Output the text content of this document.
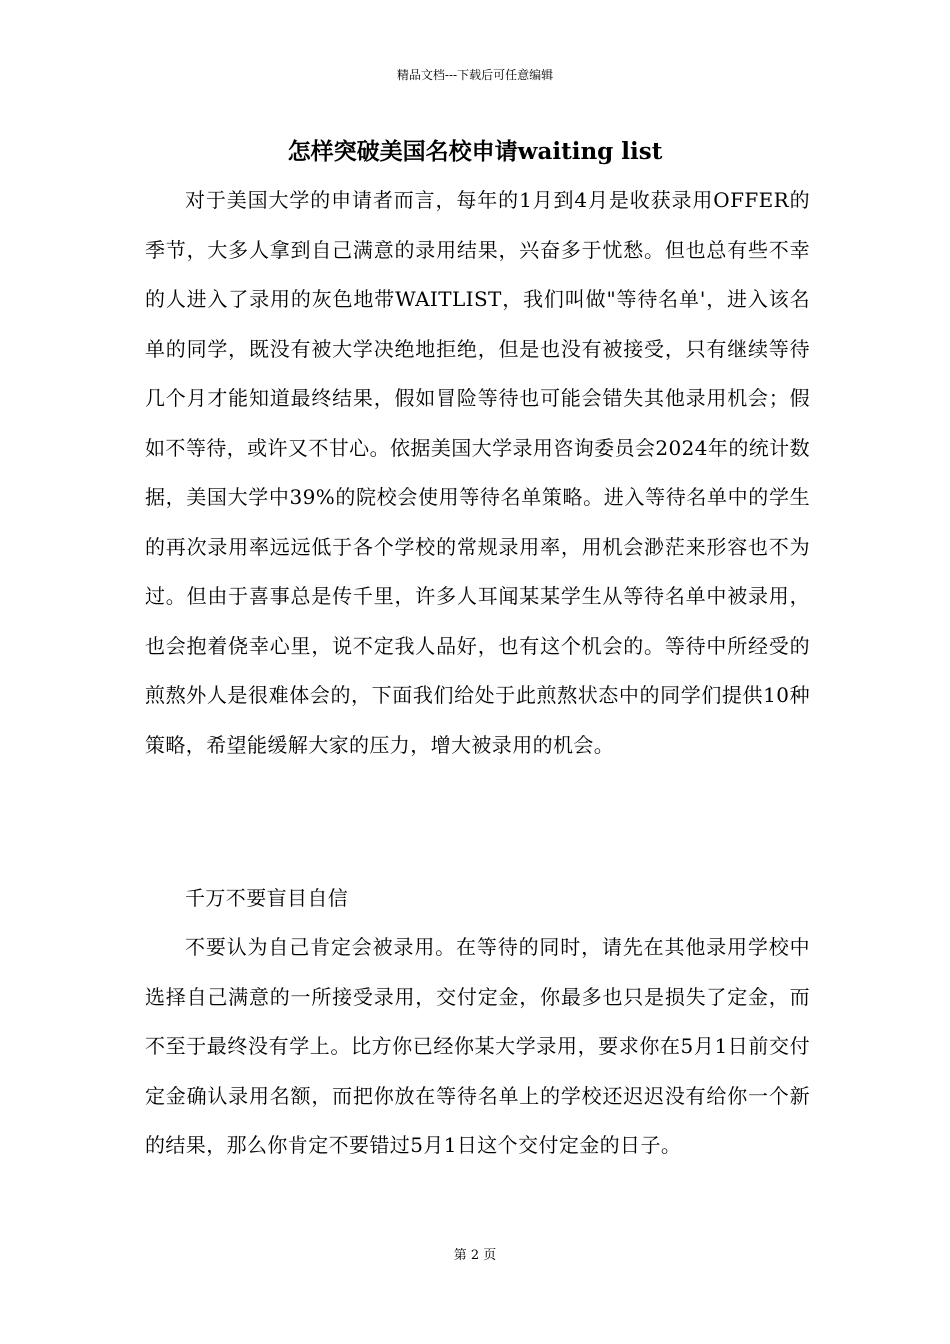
精品文档---下载后可任意编辑
怎样突破美国名校申请waiting list

对于美国大学的申请者而言，每年的1月到4月是收获录用OFFER的季节，大多人拿到自己满意的录用结果，兴奋多于忧愁。但也总有些不幸的人进入了录用的灰色地带WAITLIST，我们叫做"等待名单'，进入该名单的同学，既没有被大学决绝地拒绝，但是也没有被接受，只有继续等待几个月才能知道最终结果，假如冒险等待也可能会错失其他录用机会；假如不等待，或许又不甘心。依据美国大学录用咨询委员会2024年的统计数据，美国大学中39%的院校会使用等待名单策略。进入等待名单中的学生的再次录用率远远低于各个学校的常规录用率，用机会渺茫来形容也不为过。但由于喜事总是传千里，许多人耳闻某某学生从等待名单中被录用，也会抱着侥幸心里，说不定我人品好，也有这个机会的。等待中所经受的煎熬外人是很难体会的，下面我们给处于此煎熬状态中的同学们提供10种策略，希望能缓解大家的压力，增大被录用的机会。

千万不要盲目自信

不要认为自己肯定会被录用。在等待的同时，请先在其他录用学校中选择自己满意的一所接受录用，交付定金，你最多也只是损失了定金，而不至于最终没有学上。比方你已经你某大学录用，要求你在5月1日前交付定金确认录用名额，而把你放在等待名单上的学校还迟迟没有给你一个新的结果，那么你肯定不要错过5月1日这个交付定金的日子。

第 2 页
